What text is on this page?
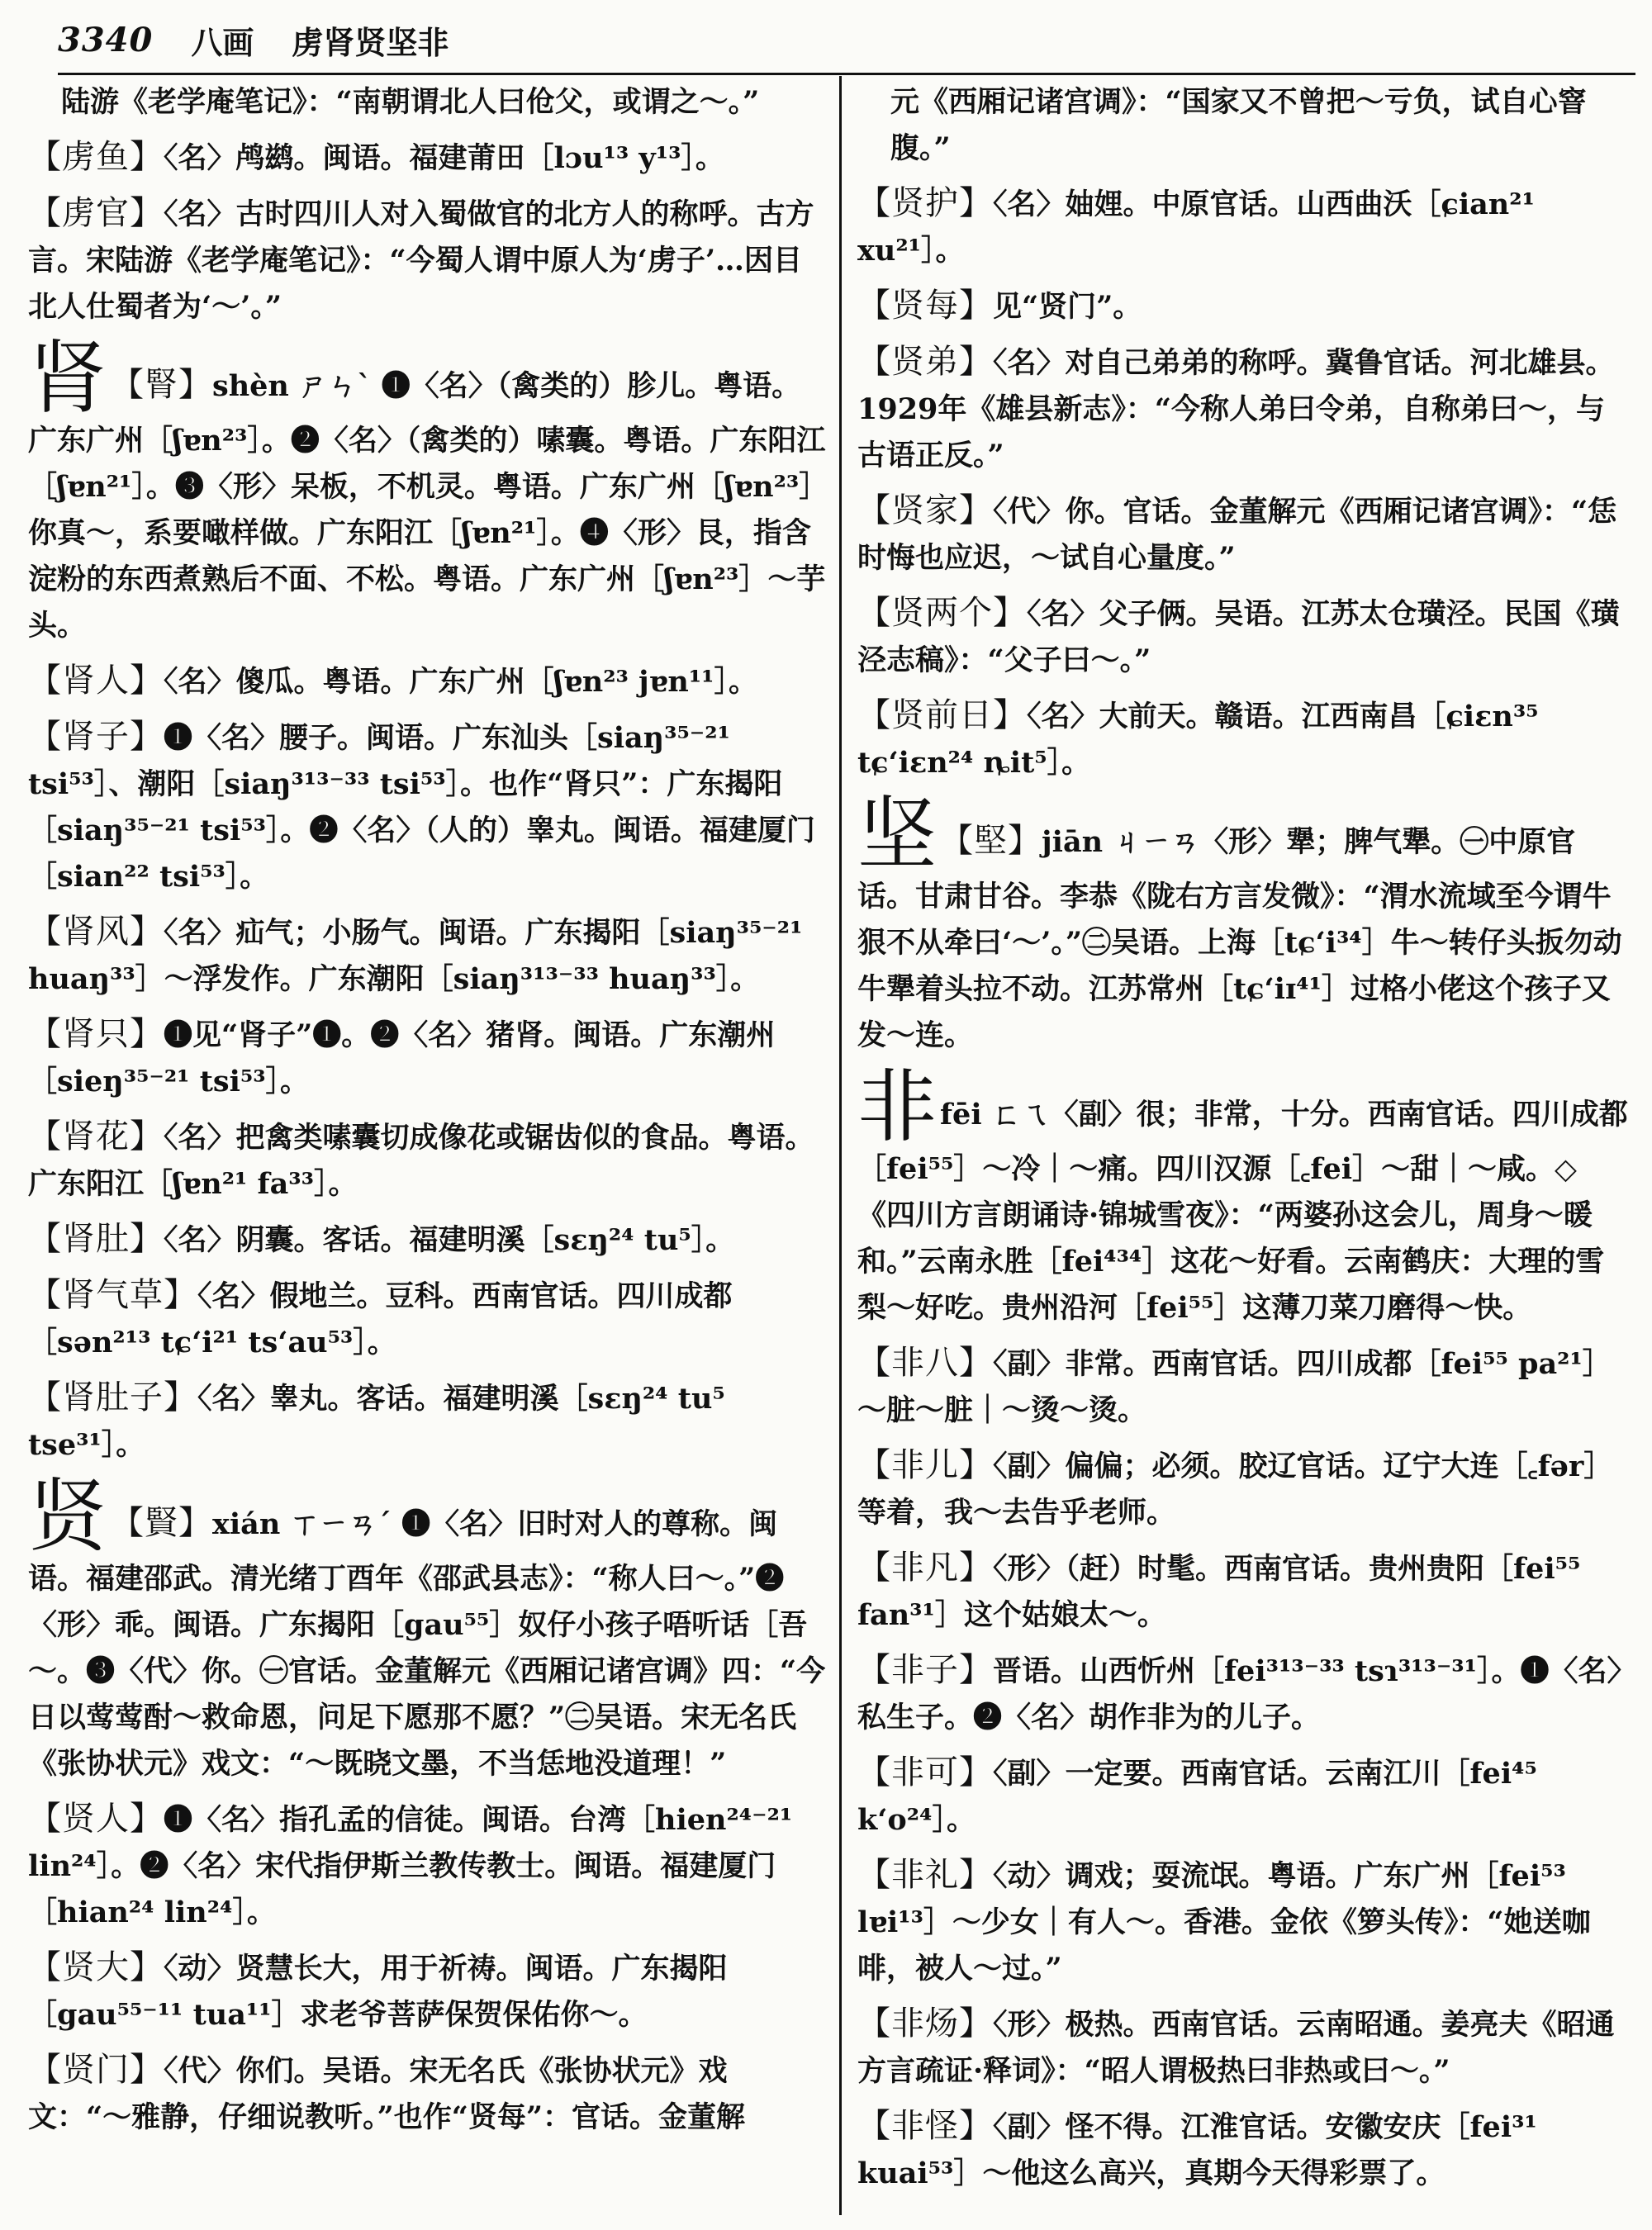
3340 八画 虏肾贤坚非
陆游《老学庵笔记》：“南朝谓北人曰伧父，或谓之～。”
【虏鱼】〈名〉鸬鹚。闽语。福建莆田［lɔu¹³ y¹³］。
【虏官】〈名〉古时四川人对入蜀做官的北方人的称呼。古方言。宋陆游《老学庵笔记》：“今蜀人谓中原人为‘虏子’…因目北人仕蜀者为‘～’。”
肾 【腎】shèn ㄕㄣˋ ❶〈名〉（禽类的）胗儿。粤语。广东广州［ʃɐn²³］。❷〈名〉（禽类的）嗉囊。粤语。广东阳江［ʃɐn²¹］。❸〈形〉呆板，不机灵。粤语。广东广州［ʃɐn²³］你真～，系要噉样做。广东阳江［ʃɐn²¹］。❹〈形〉艮，指含淀粉的东西煮熟后不面、不松。粤语。广东广州［ʃɐn²³］～芋头。
【肾人】〈名〉傻瓜。粤语。广东广州［ʃɐn²³ jɐn¹¹］。
【肾子】❶〈名〉腰子。闽语。广东汕头［siaŋ³⁵⁻²¹ tsi⁵³］、潮阳［siaŋ³¹³⁻³³ tsi⁵³］。也作“肾只”：广东揭阳［siaŋ³⁵⁻²¹ tsi⁵³］。❷〈名〉（人的）睾丸。闽语。福建厦门［sian²² tsi⁵³］。
【肾风】〈名〉疝气；小肠气。闽语。广东揭阳［siaŋ³⁵⁻²¹ huaŋ³³］～浮发作。广东潮阳［siaŋ³¹³⁻³³ huaŋ³³］。
【肾只】❶见“肾子”❶。❷〈名〉猪肾。闽语。广东潮州［sieŋ³⁵⁻²¹ tsi⁵³］。
【肾花】〈名〉把禽类嗉囊切成像花或锯齿似的食品。粤语。广东阳江［ʃɐn²¹ fa³³］。
【肾肚】〈名〉阴囊。客话。福建明溪［sɛŋ²⁴ tu⁵］。
【肾气草】〈名〉假地兰。豆科。西南官话。四川成都［sən²¹³ tɕ‘i²¹ ts‘au⁵³］。
【肾肚子】〈名〉睾丸。客话。福建明溪［sɛŋ²⁴ tu⁵ tse³¹］。
贤 【賢】xián ㄒㄧㄢˊ ❶〈名〉旧时对人的尊称。闽语。福建邵武。清光绪丁酉年《邵武县志》：“称人曰～。”❷〈形〉乖。闽语。广东揭阳［gau⁵⁵］奴仔小孩子唔听话［吾～。❸〈代〉你。㊀官话。金董解元《西厢记诸宫调》四：“今日以莺莺酎～救命恩，问足下愿那不愿？”㊁吴语。宋无名氏《张协状元》戏文：“～既晓文墨，不当恁地没道理！”
【贤人】❶〈名〉指孔孟的信徒。闽语。台湾［hien²⁴⁻²¹ lin²⁴］。❷〈名〉宋代指伊斯兰教传教士。闽语。福建厦门［hian²⁴ lin²⁴］。
【贤大】〈动〉贤慧长大，用于祈祷。闽语。广东揭阳［gau⁵⁵⁻¹¹ tua¹¹］求老爷菩萨保贺保佑你～。
【贤门】〈代〉你们。吴语。宋无名氏《张协状元》戏文：“～雅静，仔细说教听。”也作“贤每”：官话。金董解
元《西厢记诸宫调》：“国家又不曾把～亏负，试自心窨腹。”
【贤护】〈名〉妯娌。中原官话。山西曲沃［ɕian²¹ xu²¹］。
【贤每】见“贤门”。
【贤弟】〈名〉对自己弟弟的称呼。冀鲁官话。河北雄县。1929年《雄县新志》：“今称人弟曰令弟，自称弟曰～，与古语正反。”
【贤家】〈代〉你。官话。金董解元《西厢记诸宫调》：“恁时悔也应迟，～试自心量度。”
【贤两个】〈名〉父子俩。吴语。江苏太仓璜泾。民国《璜泾志稿》：“父子曰～。”
【贤前日】〈名〉大前天。赣语。江西南昌［ɕiɛn³⁵ tɕ‘iɛn²⁴ ȵit⁵］。
坚 【堅】jiān ㄐㄧㄢ〈形〉犟；脾气犟。㊀中原官话。甘肃甘谷。李恭《陇右方言发微》：“渭水流域至今谓牛狠不从牵曰‘～’。”㊁吴语。上海［tɕ‘i³⁴］牛～转仔头扳勿动牛犟着头拉不动。江苏常州［tɕ‘iɪ⁴¹］过格小佬这个孩子又发～连。
非fēi ㄈㄟ〈副〉很；非常，十分。西南官话。四川成都［fei⁵⁵］～冷｜～痛。四川汉源［꜀fei］～甜｜～咸。◇《四川方言朗诵诗·锦城雪夜》：“两婆孙这会儿，周身～暖和。”云南永胜［fei⁴³⁴］这花～好看。云南鹤庆：大理的雪梨～好吃。贵州沿河［fei⁵⁵］这薄刀菜刀磨得～快。
【非八】〈副〉非常。西南官话。四川成都［fei⁵⁵ pa²¹］～脏～脏｜～烫～烫。
【非儿】〈副〉偏偏；必须。胶辽官话。辽宁大连［꜀fər］等着，我～去告乎老师。
【非凡】〈形〉（赶）时髦。西南官话。贵州贵阳［fei⁵⁵ fan³¹］这个姑娘太～。
【非子】晋语。山西忻州［fei³¹³⁻³³ tsɿ³¹³⁻³¹］。❶〈名〉私生子。❷〈名〉胡作非为的儿子。
【非可】〈副〉一定要。西南官话。云南江川［fei⁴⁵ k‘o²⁴］。
【非礼】〈动〉调戏；耍流氓。粤语。广东广州［fei⁵³ lɐi¹³］～少女｜有人～。香港。金依《箩头传》：“她送咖啡，被人～过。”
【非炀】〈形〉极热。西南官话。云南昭通。姜亮夫《昭通方言疏证·释词》：“昭人谓极热曰非热或曰～。”
【非怪】〈副〉怪不得。江淮官话。安徽安庆［fei³¹ kuai⁵³］～他这么高兴，真期今天得彩票了。
